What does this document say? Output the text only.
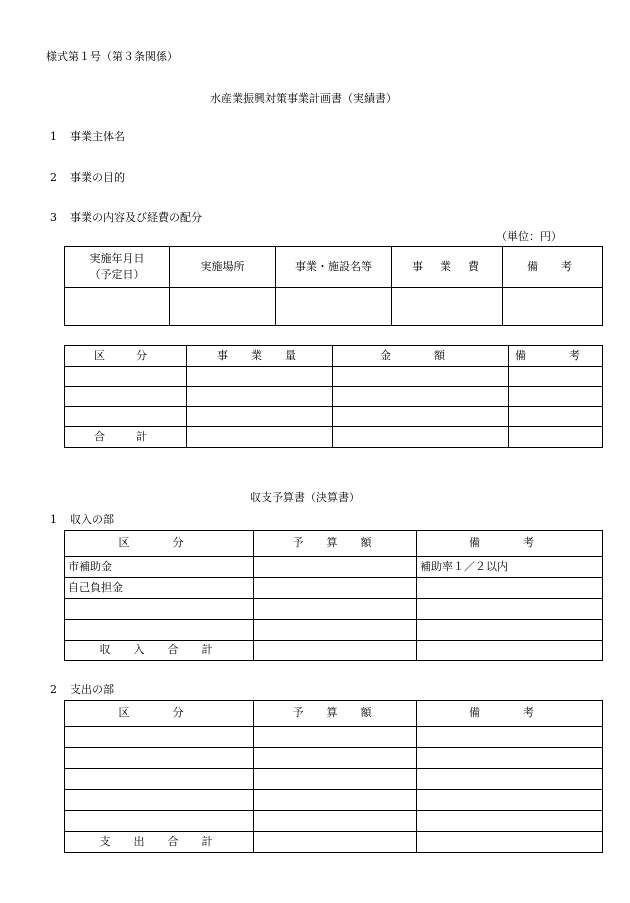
様式第１号（第３条関係）
水産業振興対策事業計画書（実績書）
1 事業主体名
2 事業の目的
3 事業の内容及び経費の配分
（単位：円）
実施年月日
（予定日）	実施場所	事業・施設名等	事　業　費	備　考

区　分	事　業　量	金　額	備　考

合　計			
収支予算書（決算書）
1 収入の部
区　分	予　算　額	備　考
市補助金		補助率１／２以内
自己負担金		

収　入　合　計		
2 支出の部
区　分	予　算　額	備　考

支　出　合　計		
